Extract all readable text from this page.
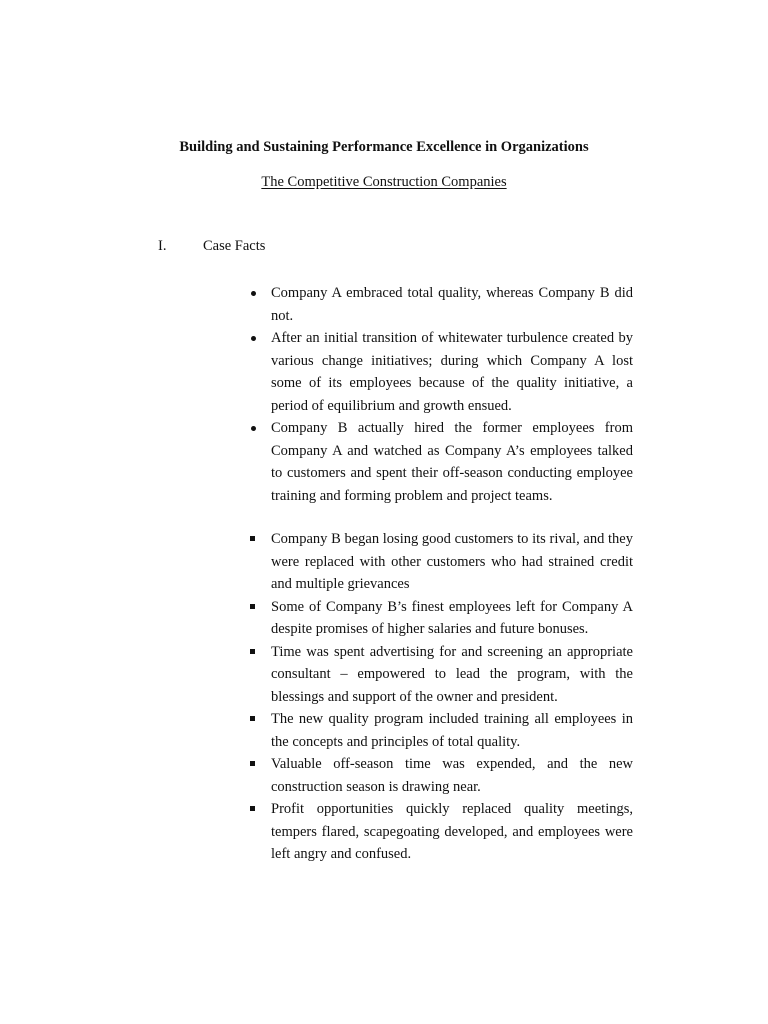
Building and Sustaining Performance Excellence in Organizations
The Competitive Construction Companies
I.	Case Facts
Company A embraced total quality, whereas Company B did not.
After an initial transition of whitewater turbulence created by various change initiatives; during which Company A lost some of its employees because of the quality initiative, a period of equilibrium and growth ensued.
Company B actually hired the former employees from Company A and watched as Company A’s employees talked to customers and spent their off-season conducting employee training and forming problem and project teams.
Company B began losing good customers to its rival, and they were replaced with other customers who had strained credit and multiple grievances
Some of Company B’s finest employees left for Company A despite promises of higher salaries and future bonuses.
Time was spent advertising for and screening an appropriate consultant – empowered to lead the program, with the blessings and support of the owner and president.
The new quality program included training all employees in the concepts and principles of total quality.
Valuable off-season time was expended, and the new construction season is drawing near.
Profit opportunities quickly replaced quality meetings, tempers flared, scapegoating developed, and employees were left angry and confused.
